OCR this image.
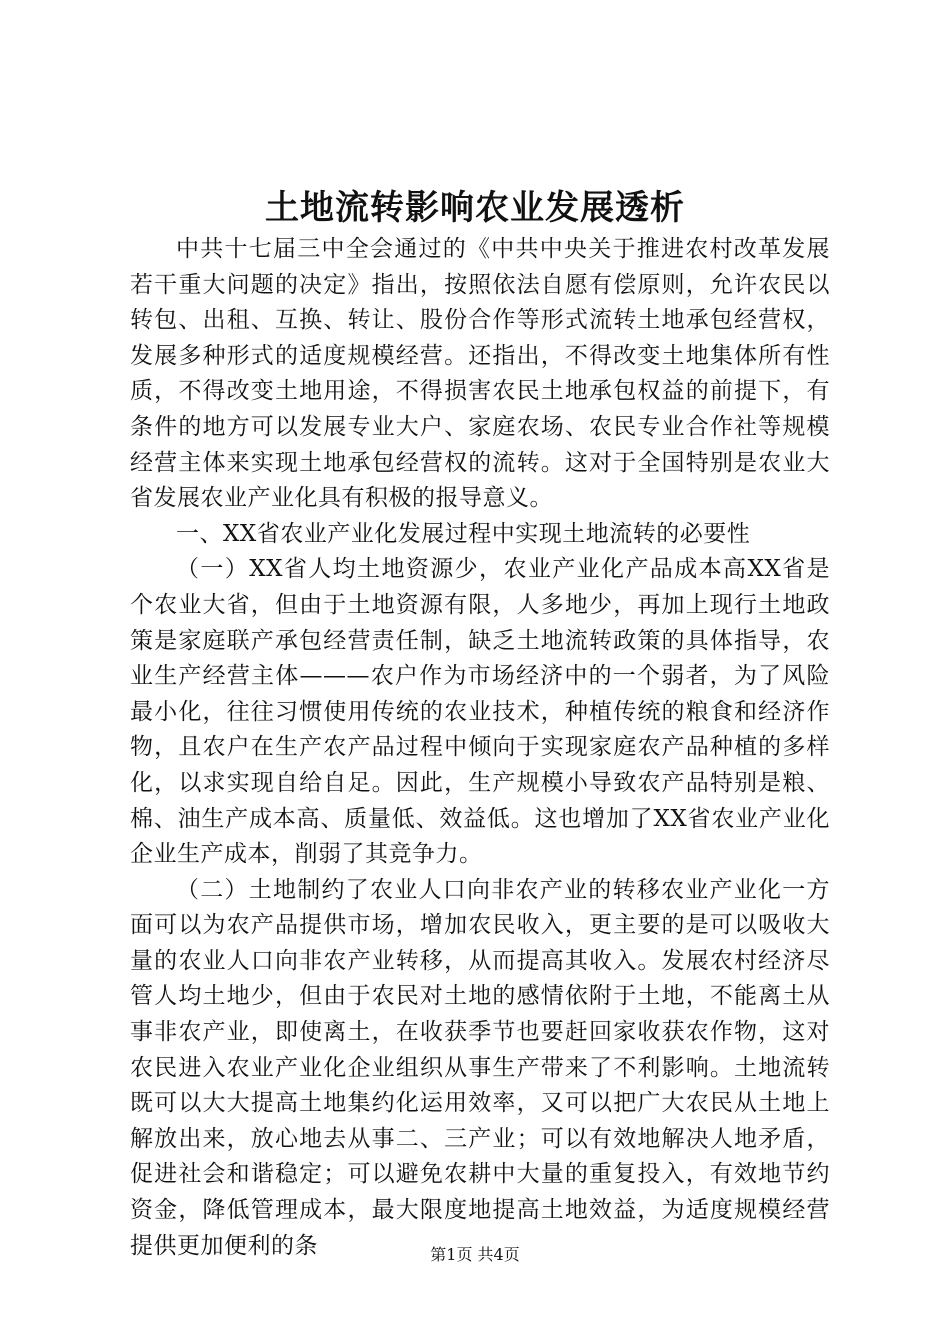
土地流转影响农业发展透析

中共十七届三中全会通过的《中共中央关于推进农村改革发展若干重大问题的决定》指出，按照依法自愿有偿原则，允许农民以转包、出租、互换、转让、股份合作等形式流转土地承包经营权，发展多种形式的适度规模经营。还指出，不得改变土地集体所有性质，不得改变土地用途，不得损害农民土地承包权益的前提下，有条件的地方可以发展专业大户、家庭农场、农民专业合作社等规模经营主体来实现土地承包经营权的流转。这对于全国特别是农业大省发展农业产业化具有积极的报导意义。

一、XX省农业产业化发展过程中实现土地流转的必要性

（一）XX省人均土地资源少，农业产业化产品成本高XX省是个农业大省，但由于土地资源有限，人多地少，再加上现行土地政策是家庭联产承包经营责任制，缺乏土地流转政策的具体指导，农业生产经营主体———农户作为市场经济中的一个弱者，为了风险最小化，往往习惯使用传统的农业技术，种植传统的粮食和经济作物，且农户在生产农产品过程中倾向于实现家庭农产品种植的多样化，以求实现自给自足。因此，生产规模小导致农产品特别是粮、棉、油生产成本高、质量低、效益低。这也增加了XX省农业产业化企业生产成本，削弱了其竞争力。

（二）土地制约了农业人口向非农产业的转移农业产业化一方面可以为农产品提供市场，增加农民收入，更主要的是可以吸收大量的农业人口向非农产业转移，从而提高其收入。发展农村经济尽管人均土地少，但由于农民对土地的感情依附于土地，不能离土从事非农产业，即使离土，在收获季节也要赶回家收获农作物，这对农民进入农业产业化企业组织从事生产带来了不利影响。土地流转既可以大大提高土地集约化运用效率，又可以把广大农民从土地上解放出来，放心地去从事二、三产业；可以有效地解决人地矛盾，促进社会和谐稳定；可以避免农耕中大量的重复投入，有效地节约资金，降低管理成本，最大限度地提高土地效益，为适度规模经营提供更加便利的条	第1页 共4页
